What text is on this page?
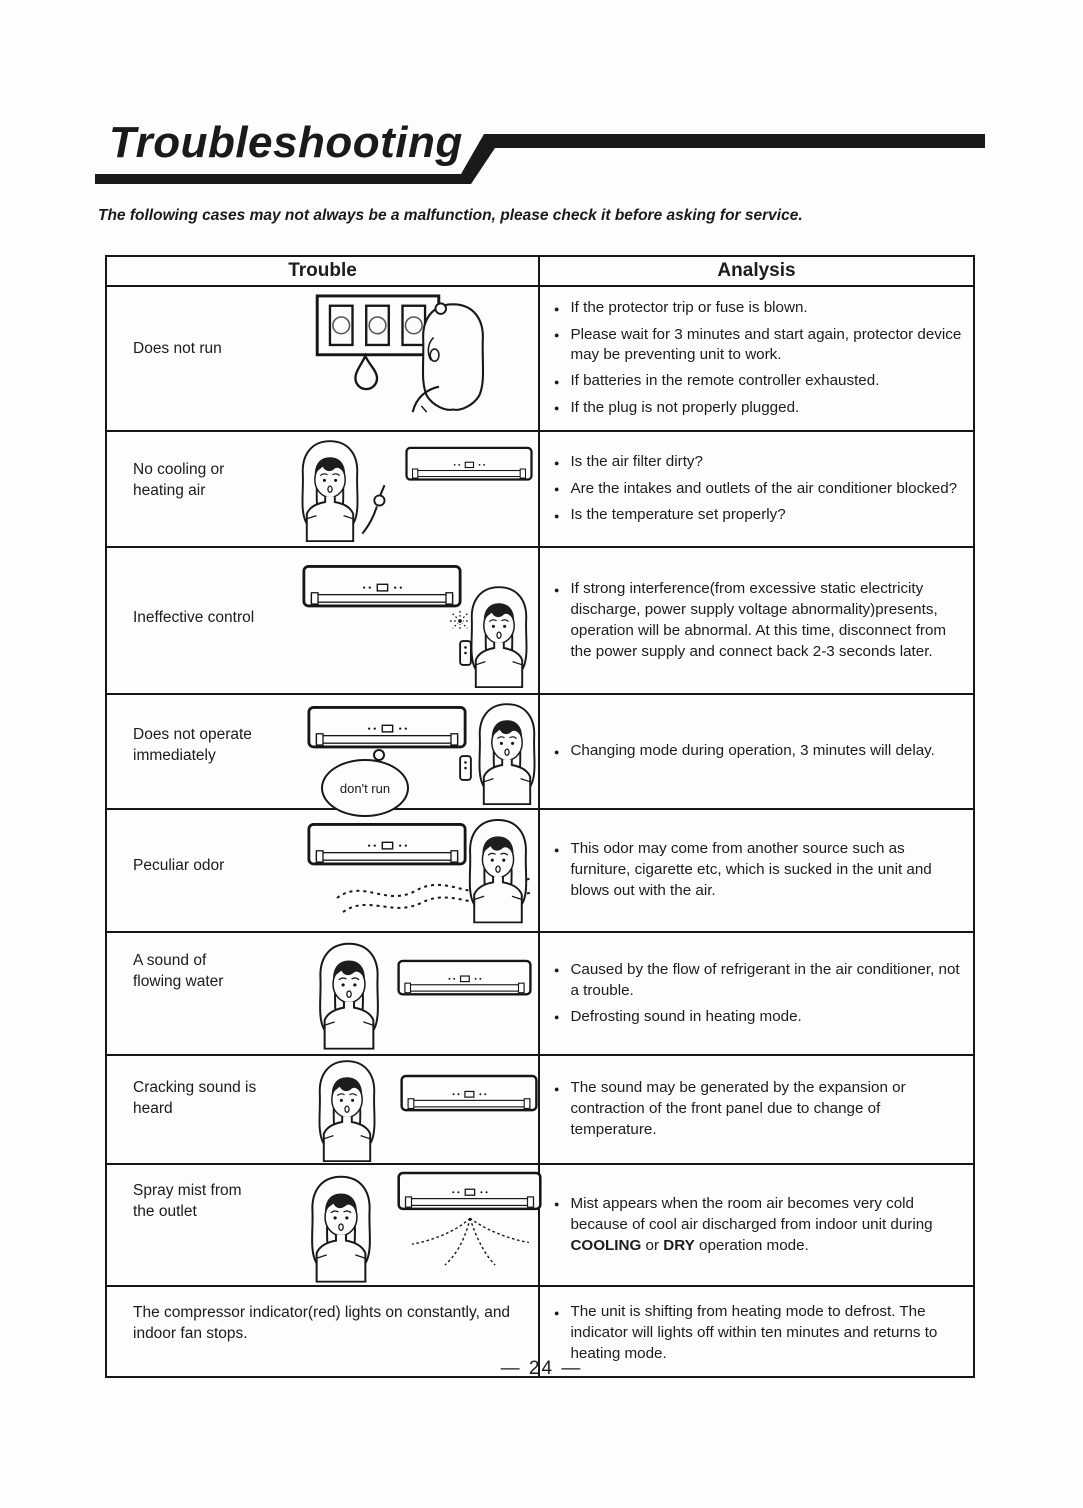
Troubleshooting
The following cases may not always be a malfunction, please check it before asking for service.
Trouble	Analysis
Does not run
● If the protector trip or fuse is blown.
● Please wait for 3 minutes and start again, protector device may be preventing unit to work.
● If batteries in the remote controller exhausted.
● If the plug is not properly plugged.
No cooling or heating air
● Is the air filter dirty?
● Are the intakes and outlets of the air conditioner blocked?
● Is the temperature set properly?
Ineffective control
● If strong interference(from excessive static electricity discharge, power supply voltage abnormality)presents, operation will be abnormal. At this time, disconnect from the power supply and connect back 2-3 seconds later.
Does not operate immediately
don't run
● Changing mode during operation, 3 minutes will delay.
Peculiar odor
● This odor may come from another source such as furniture, cigarette etc, which is sucked in the unit and blows out with the air.
A sound of flowing water
● Caused by the flow of refrigerant in the air conditioner, not a trouble.
● Defrosting sound in heating mode.
Cracking sound is heard
● The sound may be generated by the expansion or contraction of the front panel due to change of temperature.
Spray mist from the outlet	● Mist appears when the room air becomes very cold because of cool air discharged from indoor unit during COOLING or DRY operation mode.
The compressor indicator(red) lights on constantly, and indoor fan stops.
● The unit is shifting from heating mode to defrost. The indicator will lights off within ten minutes and returns to heating mode.
— 24 —
